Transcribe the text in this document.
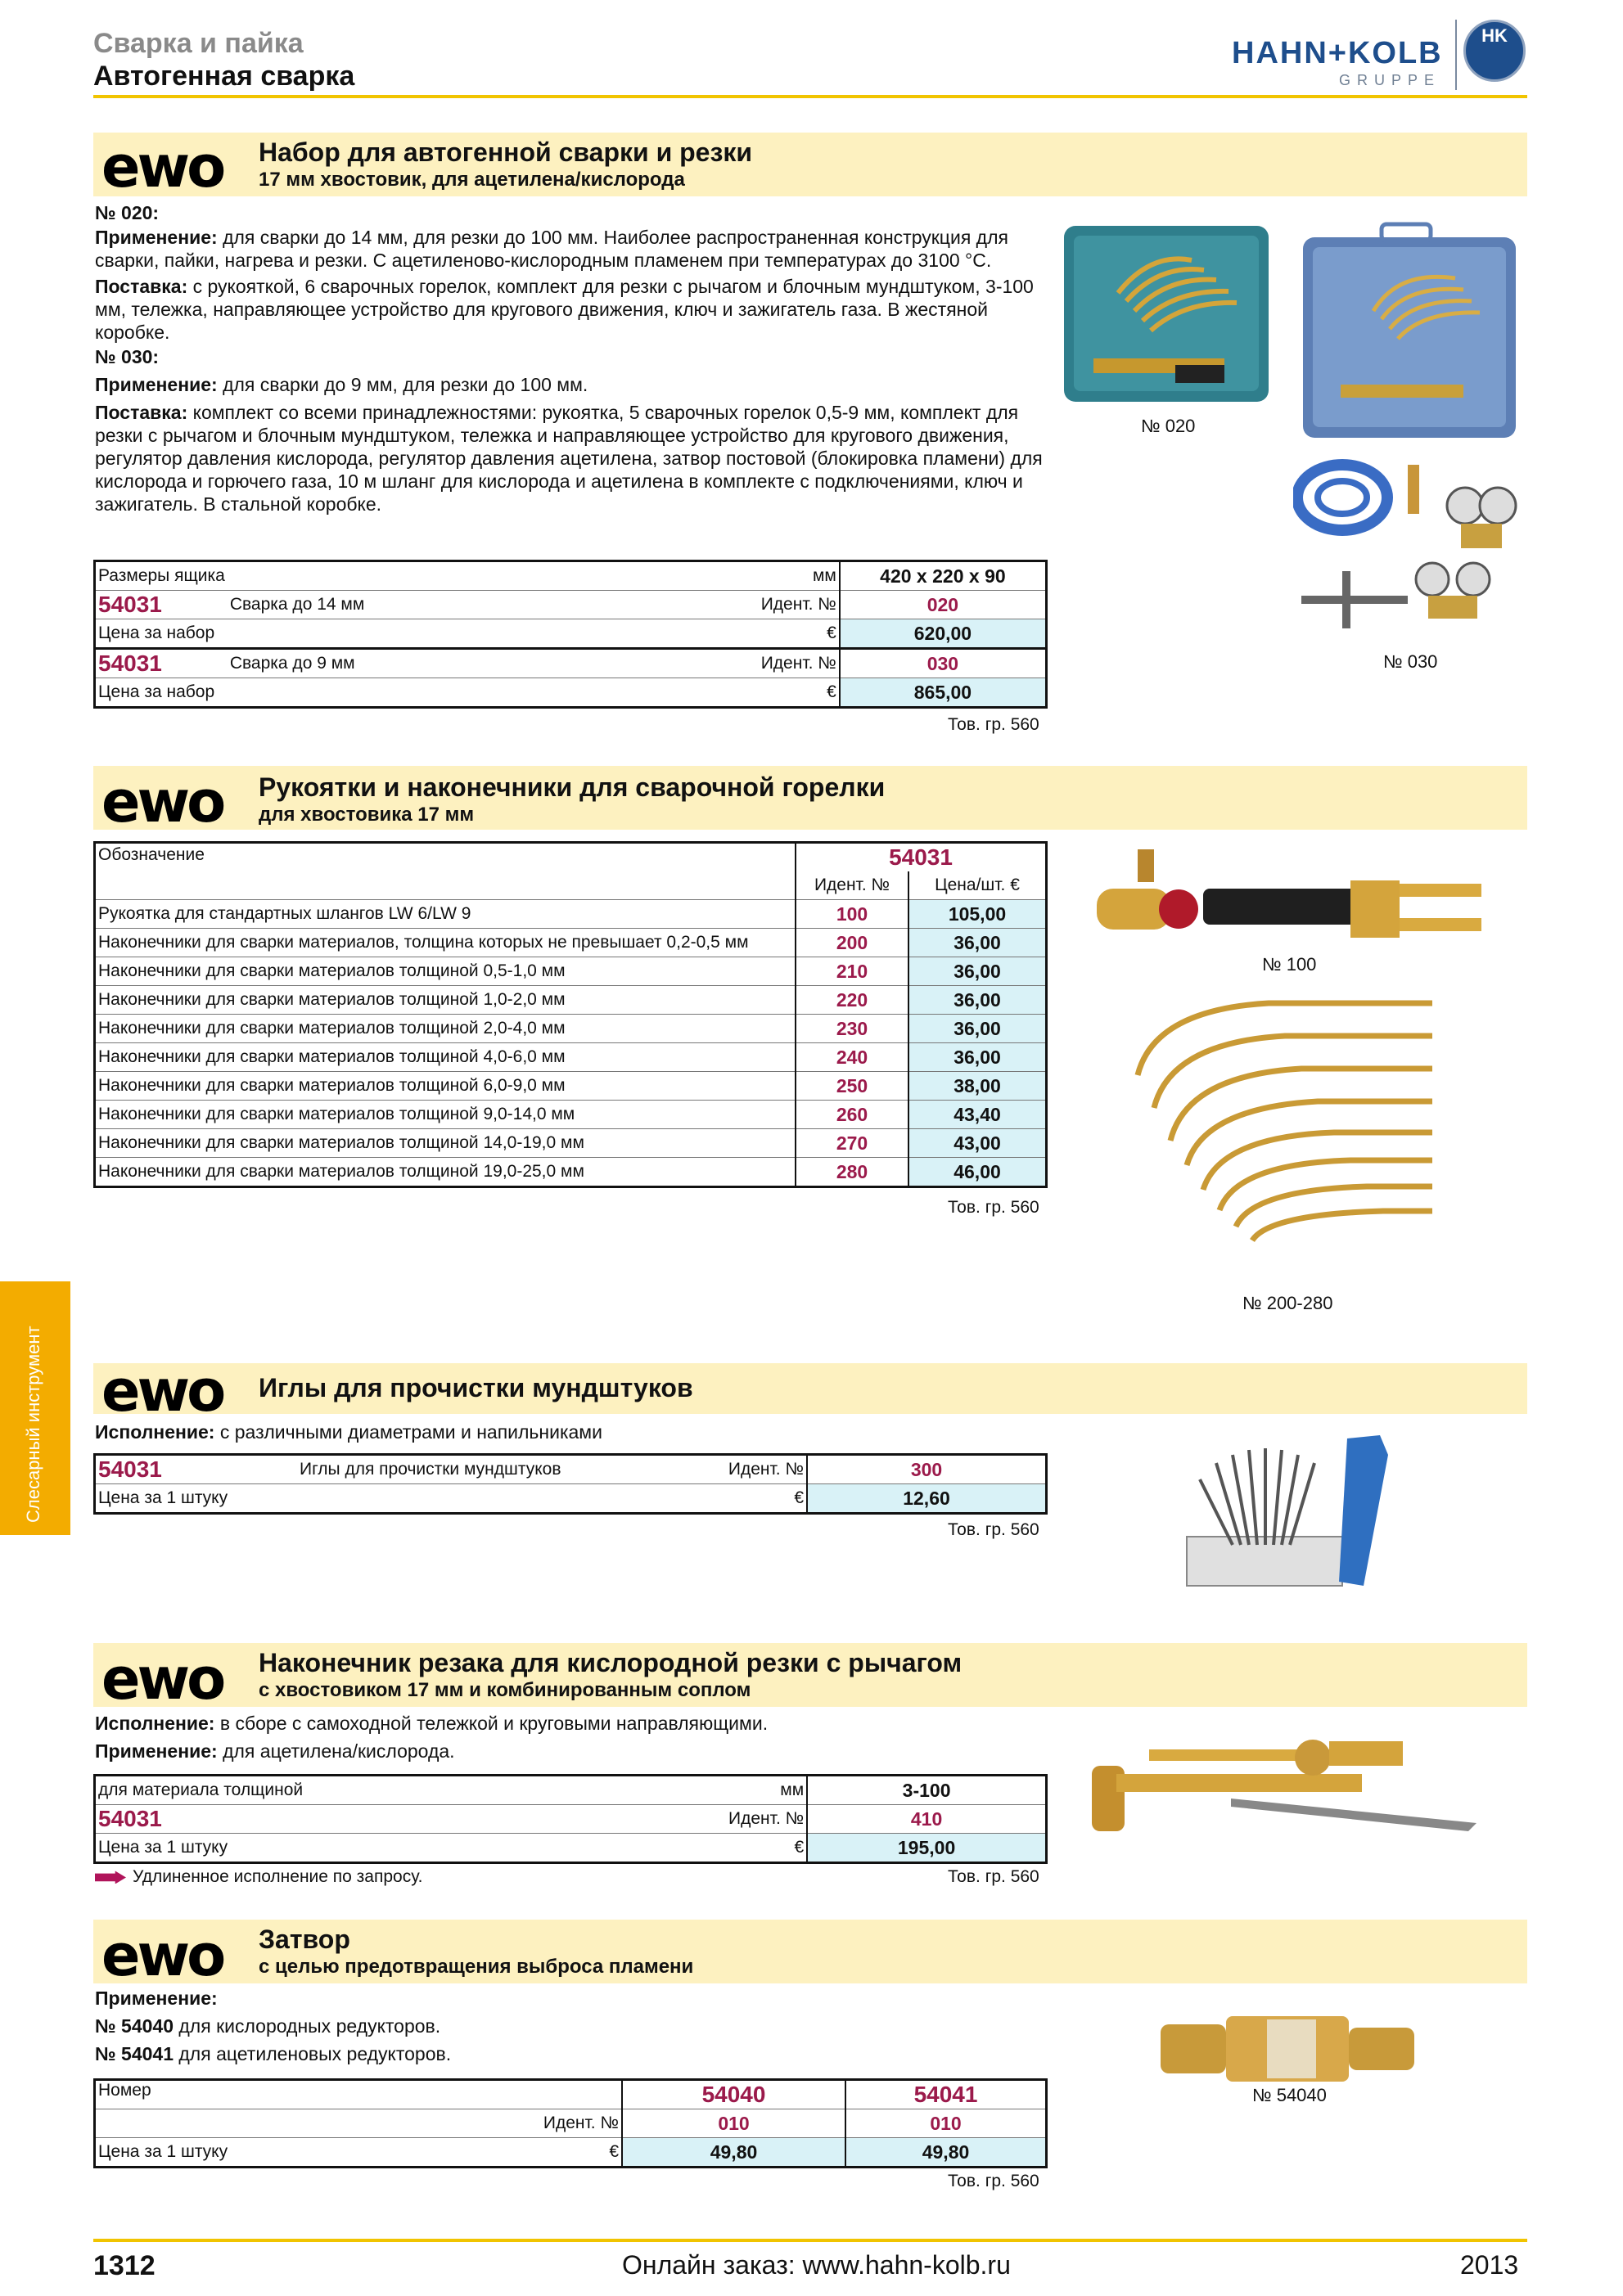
Сварка и пайка
Автогенная сварка
HAHN+KOLB
GRUPPE
HK
Слесарный инструмент
ewo Набор для автогенной сварки и резки
17 мм хвостовик, для ацетилена/кислорода
№ 020:
Применение: для сварки до 14 мм, для резки до 100 мм. Наиболее распространенная конструкция для сварки, пайки, нагрева и резки. С ацетиленово-кислородным пламенем при температурах до 3100 °С.
Поставка: с рукояткой, 6 сварочных горелок, комплект для резки с рычагом и блочным мундштуком, 3-100 мм, тележка, направляющее устройство для кругового движения, ключ и зажигатель газа. В жестяной коробке.
№ 030:
Применение: для сварки до 9 мм, для резки до 100 мм.
Поставка: комплект со всеми принадлежностями: рукоятка, 5 сварочных горелок 0,5-9 мм, комплект для резки с рычагом и блочным мундштуком, тележка и направляющее устройство для кругового движения, регулятор давления кислорода, регулятор давления ацетилена, затвор постовой (блокировка пламени) для кислорода и горючего газа, 10 м шланг для кислорода и ацетилена в комплекте с подключениями, ключ и зажигатель. В стальной коробке.
Размеры ящика		мм	420 x 220 x 90
54031	Сварка до 14 мм	Идент. №	020
Цена за набор		€	620,00
54031	Сварка до 9 мм	Идент. №	030
Цена за набор		€	865,00
Тов. гр. 560
№ 020
№ 030
ewo Рукоятки и наконечники для сварочной горелки
для хвостовика 17 мм
Обозначение	54031	
	Идент. №	Цена/шт. €
Рукоятка для стандартных шлангов LW 6/LW 9	100	105,00
Наконечники для сварки материалов, толщина которых не превышает 0,2-0,5 мм	200	36,00
Наконечники для сварки материалов толщиной 0,5-1,0 мм	210	36,00
Наконечники для сварки материалов толщиной 1,0-2,0 мм	220	36,00
Наконечники для сварки материалов толщиной 2,0-4,0 мм	230	36,00
Наконечники для сварки материалов толщиной 4,0-6,0 мм	240	36,00
Наконечники для сварки материалов толщиной 6,0-9,0 мм	250	38,00
Наконечники для сварки материалов толщиной 9,0-14,0 мм	260	43,40
Наконечники для сварки материалов толщиной 14,0-19,0 мм	270	43,00
Наконечники для сварки материалов толщиной 19,0-25,0 мм	280	46,00
Тов. гр. 560
№ 100
№ 200-280
ewo Иглы для прочистки мундштуков
Исполнение: с различными диаметрами и напильниками
54031	Иглы для прочистки мундштуков	Идент. №	300
Цена за 1 штуку		€	12,60
Тов. гр. 560
ewo Наконечник резака для кислородной резки с рычагом
с хвостовиком 17 мм и комбинированным соплом
Исполнение: в сборе с самоходной тележкой и круговыми направляющими.
Применение: для ацетилена/кислорода.
для материала толщиной		мм	3-100
54031		Идент. №	410
Цена за 1 штуку		€	195,00
Удлиненное исполнение по запросу.	Тов. гр. 560
ewo Затвор
с целью предотвращения выброса пламени
Применение:
№ 54040 для кислородных редукторов.
№ 54041 для ацетиленовых редукторов.
Номер		54040	54041
	Идент. №	010	010
Цена за 1 штуку	€	49,80	49,80
Тов. гр. 560
№ 54040
1312	Онлайн заказ: www.hahn-kolb.ru	2013
